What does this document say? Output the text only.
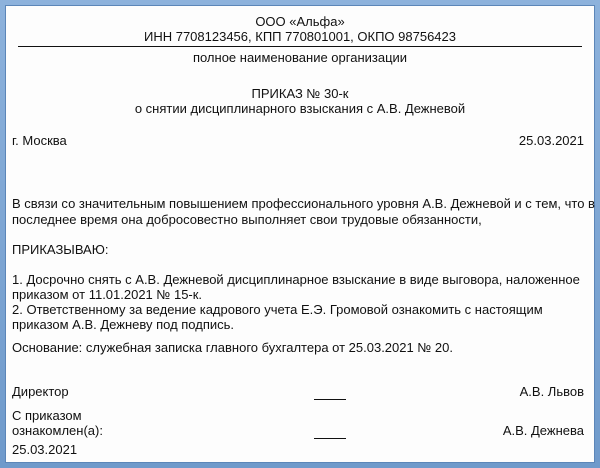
ООО «Альфа»
ИНН 7708123456, КПП 770801001, ОКПО 98756423
полное наименование организации
ПРИКАЗ № 30-к
о снятии дисциплинарного взыскания с А.В. Дежневой
г. Москва	25.03.2021
В связи со значительным повышением профессионального уровня А.В. Дежневой и с тем, что в
последнее время она добросовестно выполняет свои трудовые обязанности,
ПРИКАЗЫВАЮ:
1. Досрочно снять с А.В. Дежневой дисциплинарное взыскание в виде выговора, наложенное
приказом от 11.01.2021 № 15-к.
2. Ответственному за ведение кадрового учета Е.Э. Громовой ознакомить с настоящим
приказом А.В. Дежневу под подпись.
Основание: служебная записка главного бухгалтера от 25.03.2021 № 20.
Директор	А.В. Львов
С приказом
ознакомлен(а):	А.В. Дежнева
25.03.2021
